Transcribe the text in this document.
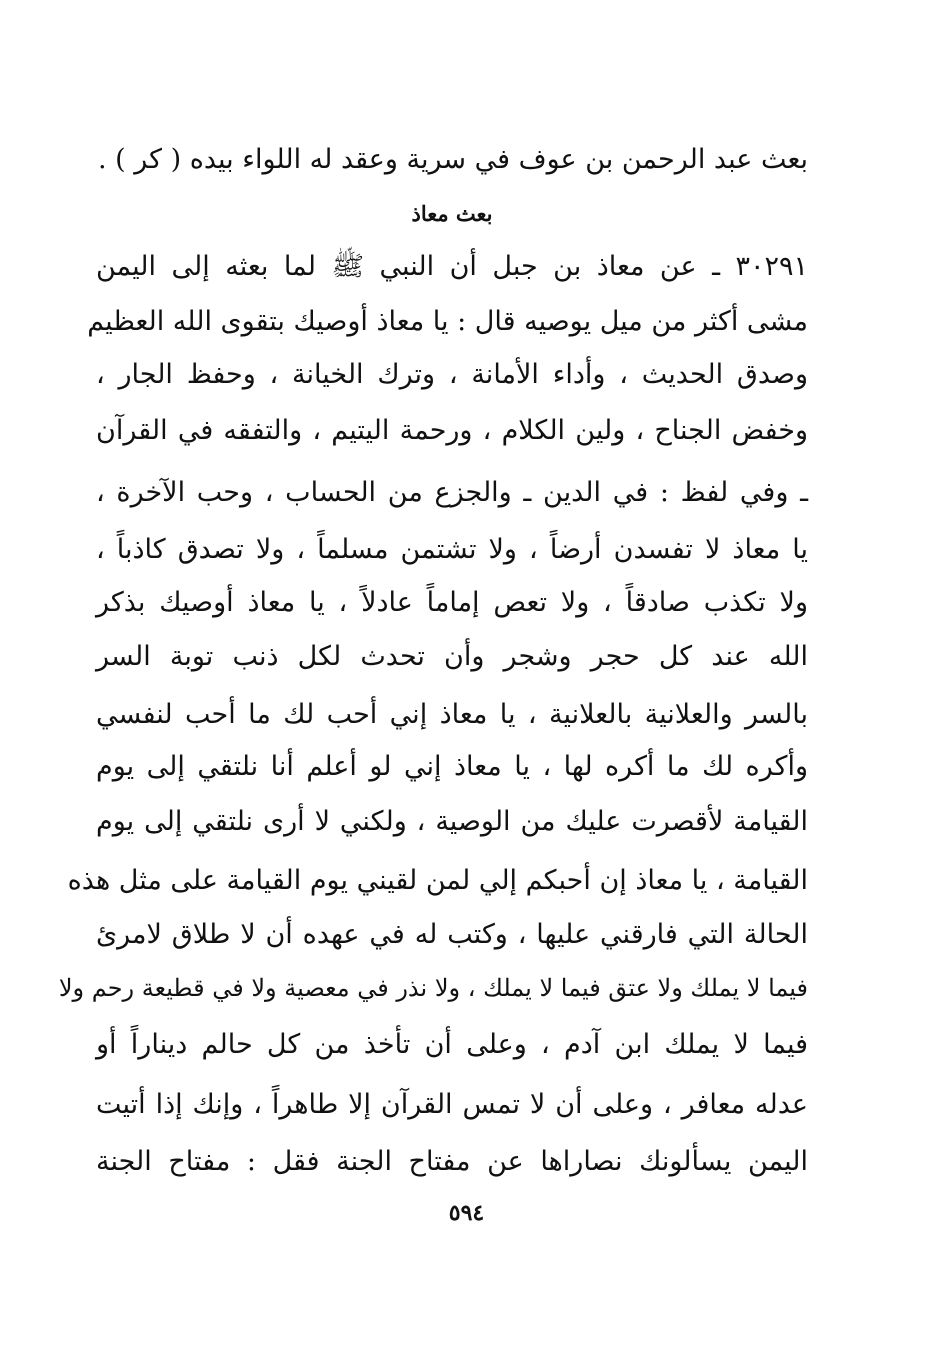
بعث عبد الرحمن بن عوف في سرية وعقد له اللواء بيده ( كر ) .
بعث معاذ
٣٠٢٩١ ـ عن معاذ بن جبل أن النبي ﷺ لما بعثه إلى اليمن
مشى أكثر من ميل يوصيه قال : يا معاذ أوصيك بتقوى الله العظيم
وصدق الحديث ، وأداء الأمانة ، وترك الخيانة ، وحفظ الجار ،
وخفض الجناح ، ولين الكلام ، ورحمة اليتيم ، والتفقه في القرآن
ـ وفي لفظ : في الدين ـ والجزع من الحساب ، وحب الآخرة ،
يا معاذ لا تفسدن أرضاً ، ولا تشتمن مسلماً ، ولا تصدق كاذباً ،
ولا تكذب صادقاً ، ولا تعص إماماً عادلاً ، يا معاذ أوصيك بذكر
الله عند كل حجر وشجر وأن تحدث لكل ذنب توبة السر
بالسر والعلانية بالعلانية ، يا معاذ إني أحب لك ما أحب لنفسي
وأكره لك ما أكره لها ، يا معاذ إني لو أعلم أنا نلتقي إلى يوم
القيامة لأقصرت عليك من الوصية ، ولكني لا أرى نلتقي إلى يوم
القيامة ، يا معاذ إن أحبكم إلي لمن لقيني يوم القيامة على مثل هذه
الحالة التي فارقني عليها ، وكتب له في عهده أن لا طلاق لامرئ
فيما لا يملك ولا عتق فيما لا يملك ، ولا نذر في معصية ولا في قطيعة رحم ولا
فيما لا يملك ابن آدم ، وعلى أن تأخذ من كل حالم ديناراً أو
عدله معافر ، وعلى أن لا تمس القرآن إلا طاهراً ، وإنك إذا أتيت
اليمن يسألونك نصاراها عن مفتاح الجنة فقل : مفتاح الجنة
٥٩٤
